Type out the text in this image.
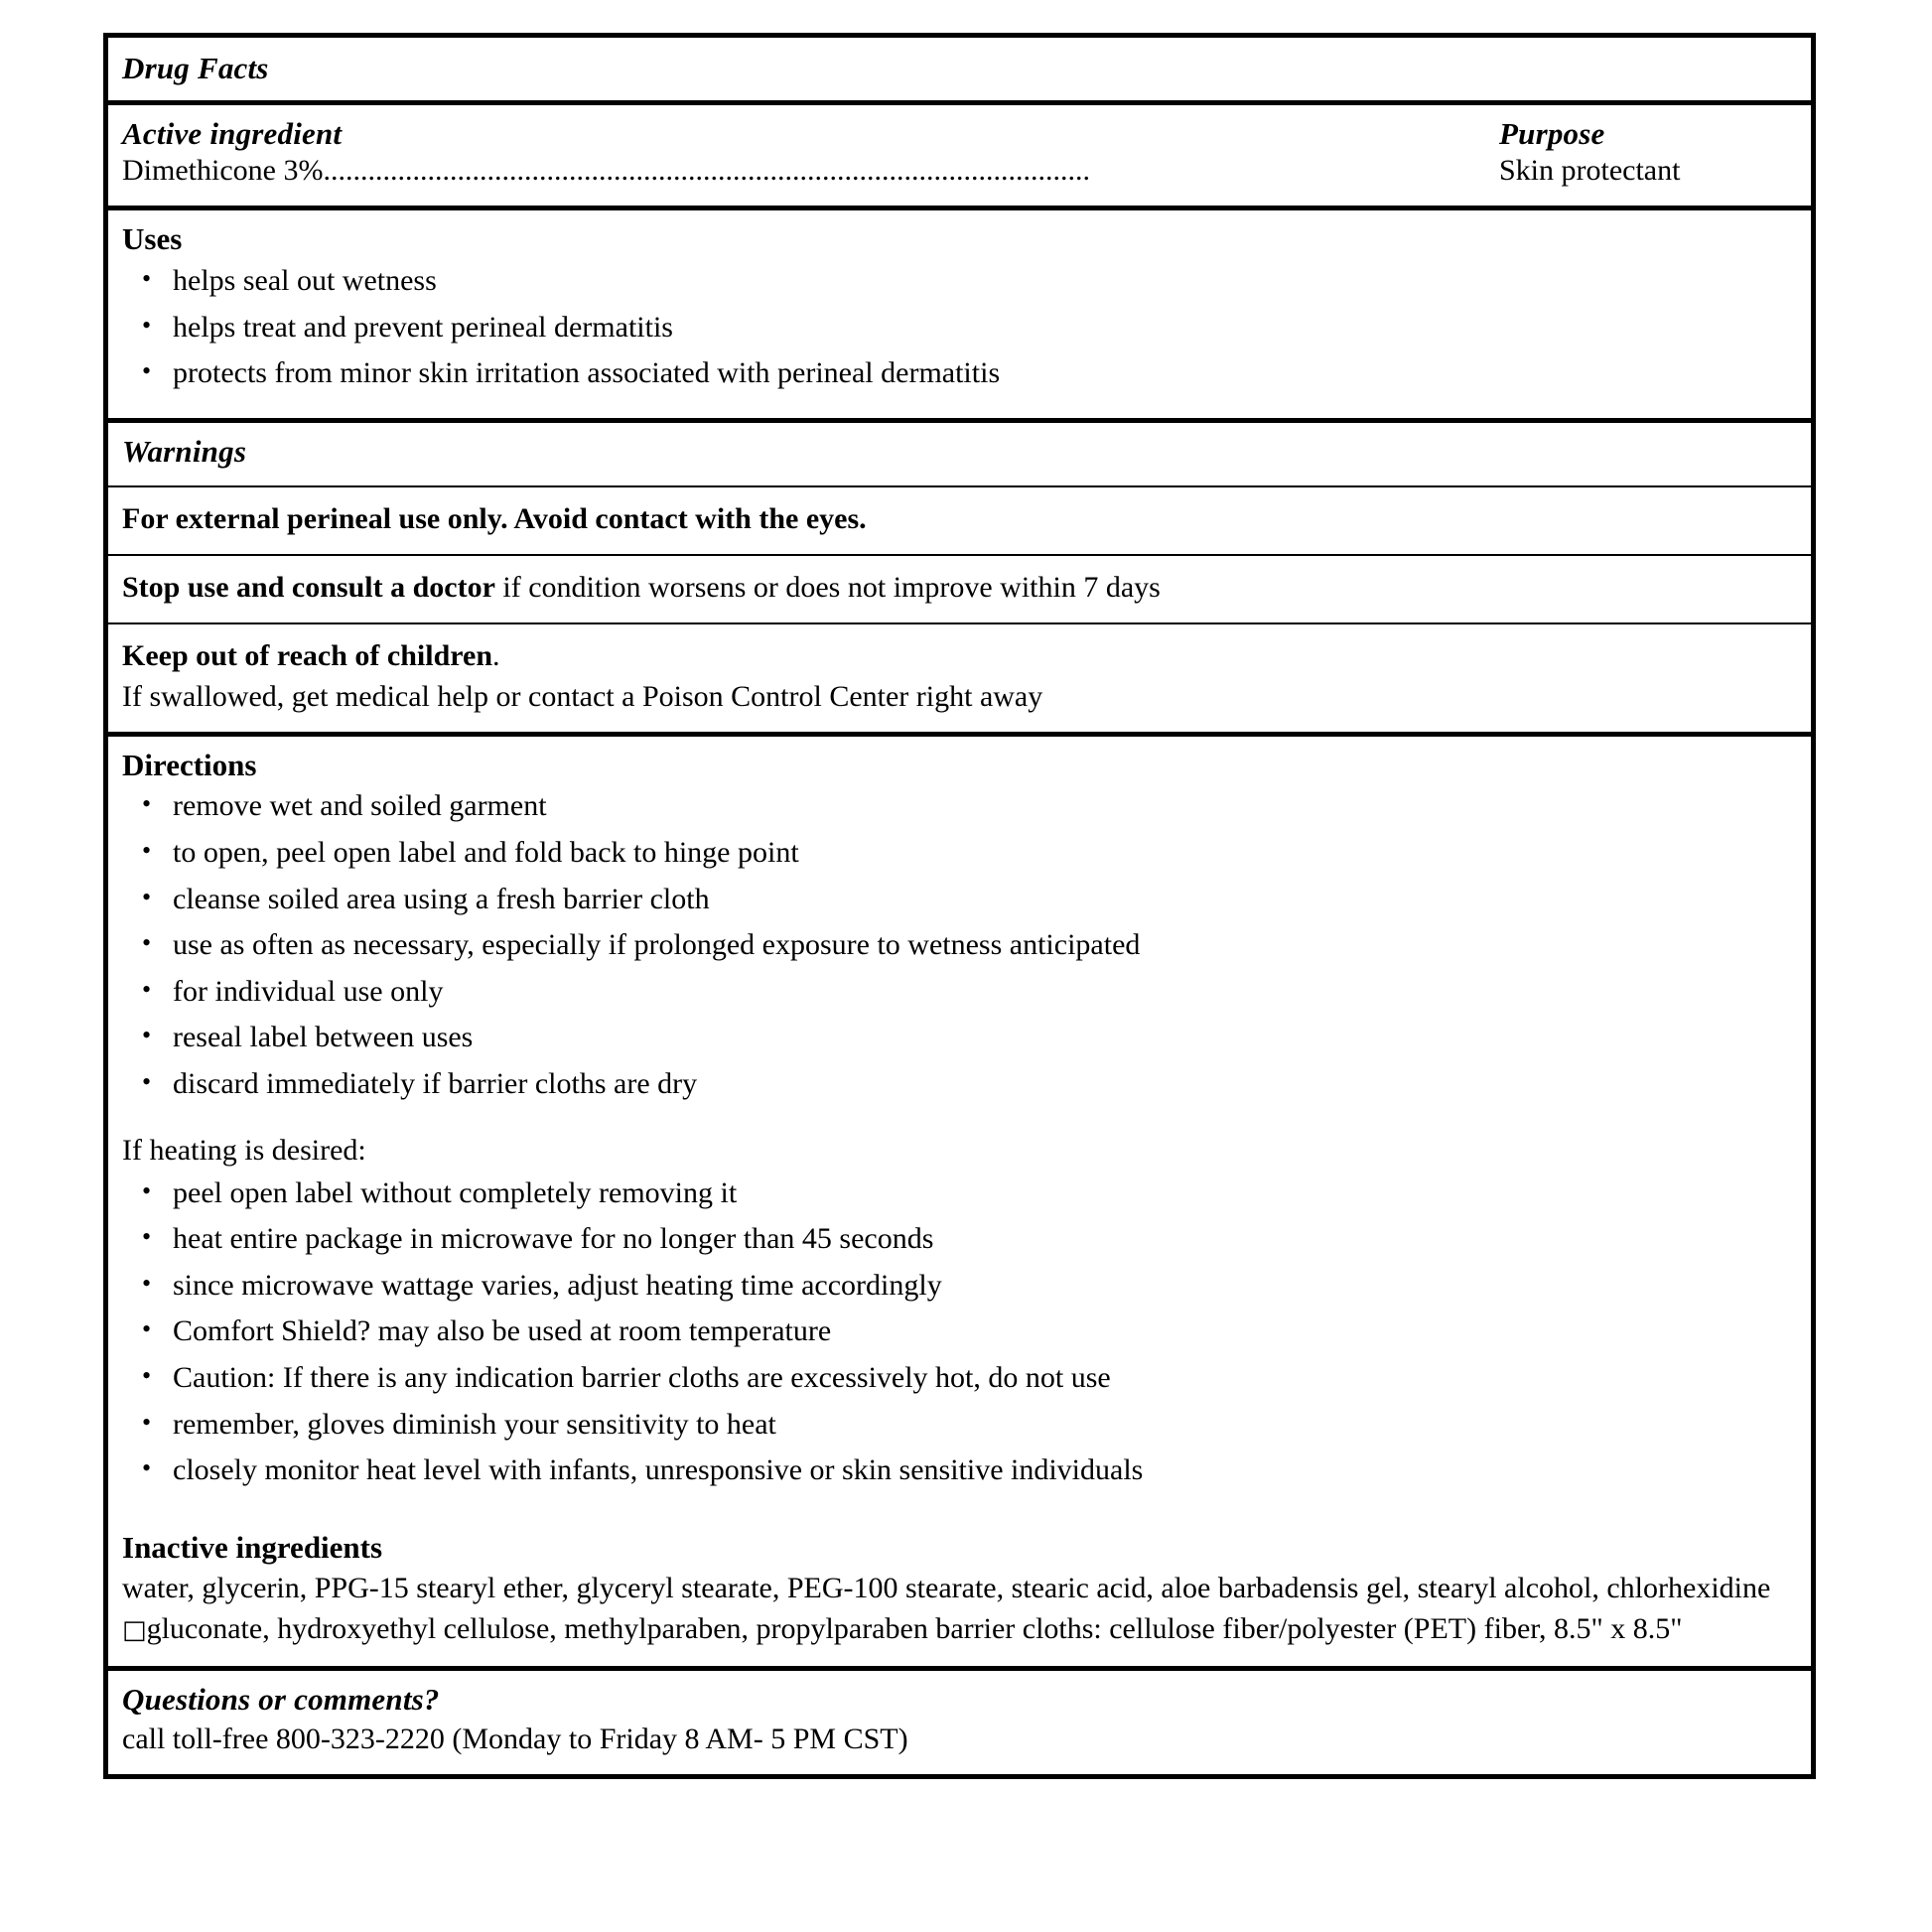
Drug Facts
Active ingredient
Dimethicone 3%.......................................................................................................
Purpose
Skin protectant
Uses
• helps seal out wetness
• helps treat and prevent perineal dermatitis
• protects from minor skin irritation associated with perineal dermatitis
Warnings
For external perineal use only. Avoid contact with the eyes.
Stop use and consult a doctor if condition worsens or does not improve within 7 days
Keep out of reach of children.
If swallowed, get medical help or contact a Poison Control Center right away
Directions
• remove wet and soiled garment
• to open, peel open label and fold back to hinge point
• cleanse soiled area using a fresh barrier cloth
• use as often as necessary, especially if prolonged exposure to wetness anticipated
• for individual use only
• reseal label between uses
• discard immediately if barrier cloths are dry
If heating is desired:
• peel open label without completely removing it
• heat entire package in microwave for no longer than 45 seconds
• since microwave wattage varies, adjust heating time accordingly
• Comfort Shield? may also be used at room temperature
• Caution: If there is any indication barrier cloths are excessively hot, do not use
• remember, gloves diminish your sensitivity to heat
• closely monitor heat level with infants, unresponsive or skin sensitive individuals
Inactive ingredients
water, glycerin, PPG-15 stearyl ether, glyceryl stearate, PEG-100 stearate, stearic acid, aloe barbadensis gel, stearyl alcohol, chlorhexidine □gluconate, hydroxyethyl cellulose, methylparaben, propylparaben barrier cloths: cellulose fiber/polyester (PET) fiber, 8.5" x 8.5"
Questions or comments?
call toll-free 800-323-2220 (Monday to Friday 8 AM- 5 PM CST)
